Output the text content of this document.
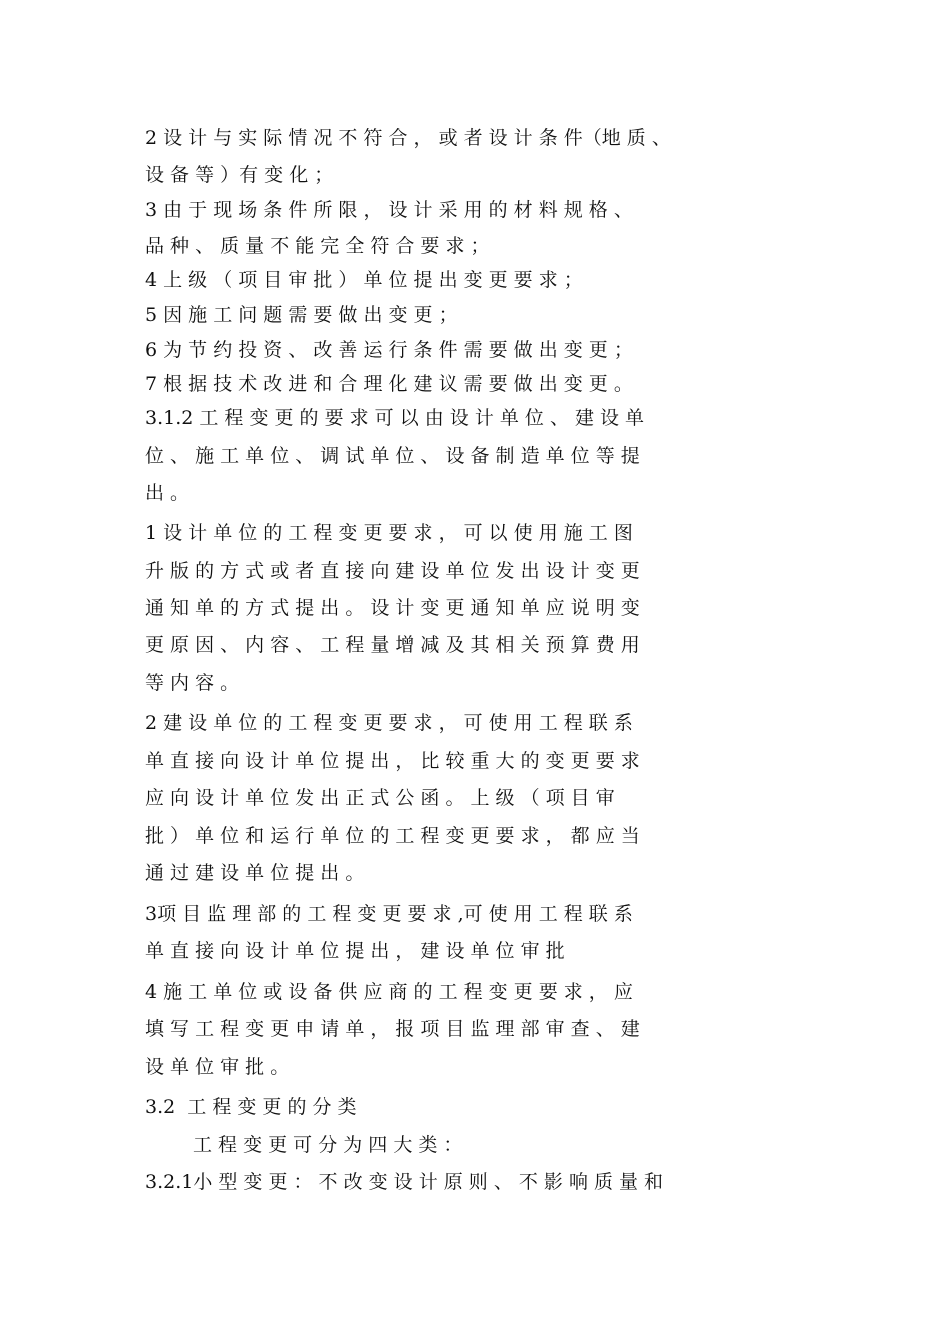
2 设 计 与 实 际 情 况 不 符 合 ， 或 者 设 计 条 件（地 质 、
设 备 等 ）有 变 化 ；
3 由 于 现 场 条 件 所 限 ， 设 计 采 用 的 材 料 规 格 、
品 种 、 质 量 不 能 完 全 符 合 要 求 ；
4 上 级 （ 项 目 审 批 ） 单 位 提 出 变 更 要 求 ；
5 因 施 工 问 题 需 要 做 出 变 更 ；
6 为 节 约 投 资 、 改 善 运 行 条 件 需 要 做 出 变 更 ；
7 根 据 技 术 改 进 和 合 理 化 建 议 需 要 做 出 变 更 。
3.1.2 工 程 变 更 的 要 求 可 以 由 设 计 单 位 、 建 设 单
位 、 施 工 单 位 、 调 试 单 位 、 设 备 制 造 单 位 等 提
出 。
1 设 计 单 位 的 工 程 变 更 要 求 ， 可 以 使 用 施 工 图
升 版 的 方 式 或 者 直 接 向 建 设 单 位 发 出 设 计 变 更
通 知 单 的 方 式 提 出 。 设 计 变 更 通 知 单 应 说 明 变
更 原 因 、 内 容 、 工 程 量 增 减 及 其 相 关 预 算 费 用
等 内 容 。
2 建 设 单 位 的 工 程 变 更 要 求 ， 可 使 用 工 程 联 系
单 直 接 向 设 计 单 位 提 出 ， 比 较 重 大 的 变 更 要 求
应 向 设 计 单 位 发 出 正 式 公 函 。 上 级 （ 项 目 审
批 ） 单 位 和 运 行 单 位 的 工 程 变 更 要 求 ， 都 应 当
通 过 建 设 单 位 提 出 。
3项 目 监 理 部 的 工 程 变 更 要 求 ,可 使 用 工 程 联 系
单 直 接 向 设 计 单 位 提 出 ， 建 设 单 位 审 批
4 施 工 单 位 或 设 备 供 应 商 的 工 程 变 更 要 求 ， 应
填 写 工 程 变 更 申 请 单 ， 报 项 目 监 理 部 审 查 、 建
设 单 位 审 批 。
3.2  工 程 变 更 的 分 类
工 程 变 更 可 分 为 四 大 类 ：
3.2.1小 型 变 更 ： 不 改 变 设 计 原 则 、 不 影 响 质 量 和
